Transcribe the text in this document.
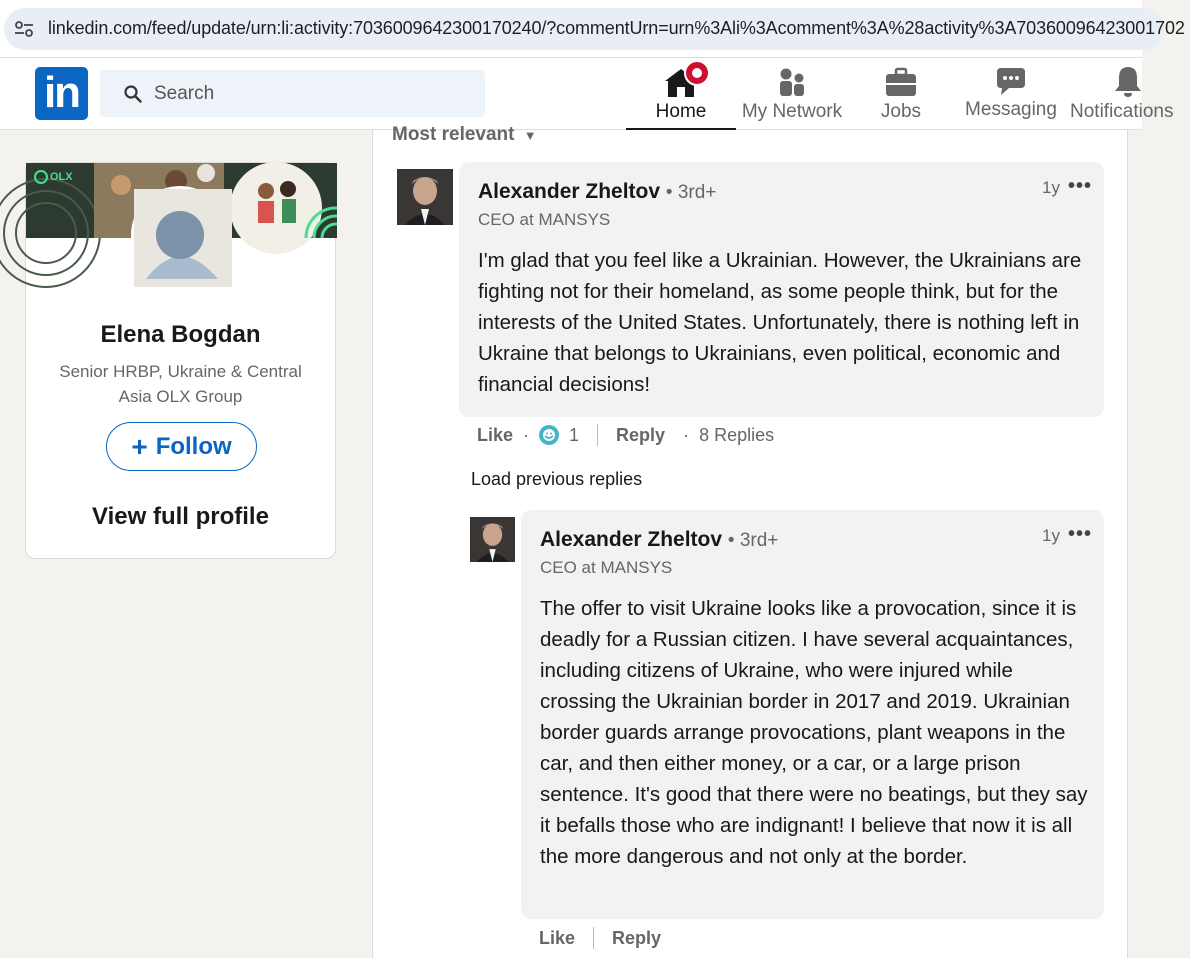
linkedin.com/feed/update/urn:li:activity:7036009642300170240/?commentUrn=urn%3Ali%3Acomment%3A%28activity%3A70360096423001702
in
Search	Home	My Network	Jobs	Messaging Notifications
OLX
Elena Bogdan
Senior HRBP, Ukraine & Central Asia OLX Group
+ Follow
View full profile
Most relevant ▼
Alexander Zheltov • 3rd+
CEO at MANSYS
1y •••
I'm glad that you feel like a Ukrainian. However, the Ukrainians are fighting not for their homeland, as some people think, but for the interests of the United States. Unfortunately, there is nothing left in Ukraine that belongs to Ukrainians, even political, economic and financial decisions!
Like · 1 Reply · 8 Replies
Load previous replies
Alexander Zheltov • 3rd+
CEO at MANSYS
1y •••
The offer to visit Ukraine looks like a provocation, since it is deadly for a Russian citizen. I have several acquaintances, including citizens of Ukraine, who were injured while crossing the Ukrainian border in 2017 and 2019. Ukrainian border guards arrange provocations, plant weapons in the car, and then either money, or a car, or a large prison sentence. It's good that there were no beatings, but they say it befalls those who are indignant! I believe that now it is all the more dangerous and not only at the border.
Like Reply
